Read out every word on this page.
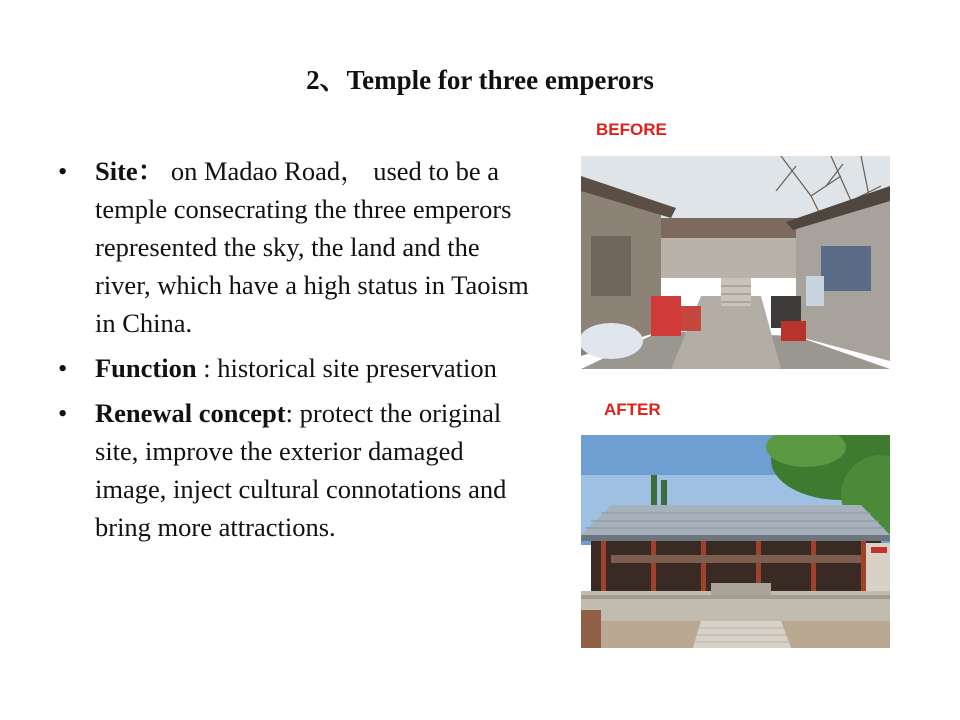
2、Temple for three emperors
• Site： on Madao Road， used to be a temple consecrating the three emperors represented the sky, the land and the river, which have a high status in Taoism in China.
• Function : historical site preservation
• Renewal concept: protect the original site, improve the exterior damaged image, inject cultural connotations and bring more attractions.
BEFORE
AFTER
